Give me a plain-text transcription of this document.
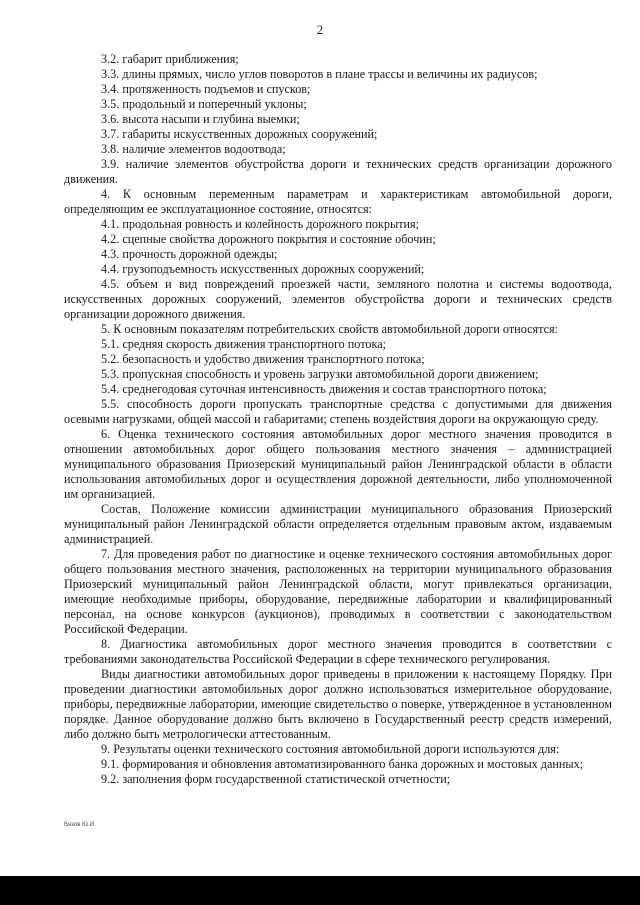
2

3.2. габарит приближения;

3.3. длины прямых, число углов поворотов в плане трассы и величины их радиусов;

3.4. протяженность подъемов и спусков;

3.5. продольный и поперечный уклоны;

3.6. высота насыпи и глубина выемки;

3.7. габариты искусственных дорожных сооружений;

3.8. наличие элементов водоотвода;

3.9. наличие элементов обустройства дороги и технических средств организации дорожного движения.

4. К основным переменным параметрам и характеристикам автомобильной дороги, определяющим ее эксплуатационное состояние, относятся:

4.1. продольная ровность и колейность дорожного покрытия;

4.2. сцепные свойства дорожного покрытия и состояние обочин;

4.3. прочность дорожной одежды;

4.4. грузоподъемность искусственных дорожных сооружений;

4.5. объем и вид повреждений проезжей части, земляного полотна и системы водоотвода, искусственных дорожных сооружений, элементов обустройства дороги и технических средств организации дорожного движения.

5. К основным показателям потребительских свойств автомобильной дороги относятся:

5.1. средняя скорость движения транспортного потока;

5.2. безопасность и удобство движения транспортного потока;

5.3. пропускная способность и уровень загрузки автомобильной дороги движением;

5.4. среднегодовая суточная интенсивность движения и состав транспортного потока;

5.5. способность дороги пропускать транспортные средства с допустимыми для движения осевыми нагрузками, общей массой и габаритами; степень воздействия дороги на окружающую среду.

6. Оценка технического состояния автомобильных дорог местного значения проводится в отношении автомобильных дорог общего пользования местного значения – администрацией муниципального образования Приозерский муниципальный район Ленинградской области в области использования автомобильных дорог и осуществления дорожной деятельности, либо уполномоченной им организацией.

Состав, Положение комиссии администрации муниципального образования Приозерский муниципальный район Ленинградской области определяется отдельным правовым актом, издаваемым администрацией.

7. Для проведения работ по диагностике и оценке технического состояния автомобильных дорог общего пользования местного значения, расположенных на территории муниципального образования Приозерский муниципальный район Ленинградской области, могут привлекаться организации, имеющие необходимые приборы, оборудование, передвижные лаборатории и квалифицированный персонал, на основе конкурсов (аукционов), проводимых в соответствии с законодательством Российской Федерации.

8. Диагностика автомобильных дорог местного значения проводится в соответствии с требованиями законодательства Российской Федерации в сфере технического регулирования.

Виды диагностики автомобильных дорог приведены в приложении к настоящему Порядку. При проведении диагностики автомобильных дорог должно использоваться измерительное оборудование, приборы, передвижные лаборатории, имеющие свидетельство о поверке, утвержденное в установленном порядке. Данное оборудование должно быть включено в Государственный реестр средств измерений, либо должно быть метрологически аттестованным.

9. Результаты оценки технического состояния автомобильной дороги используются для:

9.1. формирования и обновления автоматизированного банка дорожных и мостовых данных;

9.2. заполнения форм государственной статистической отчетности;

Вязов Ю.И.
